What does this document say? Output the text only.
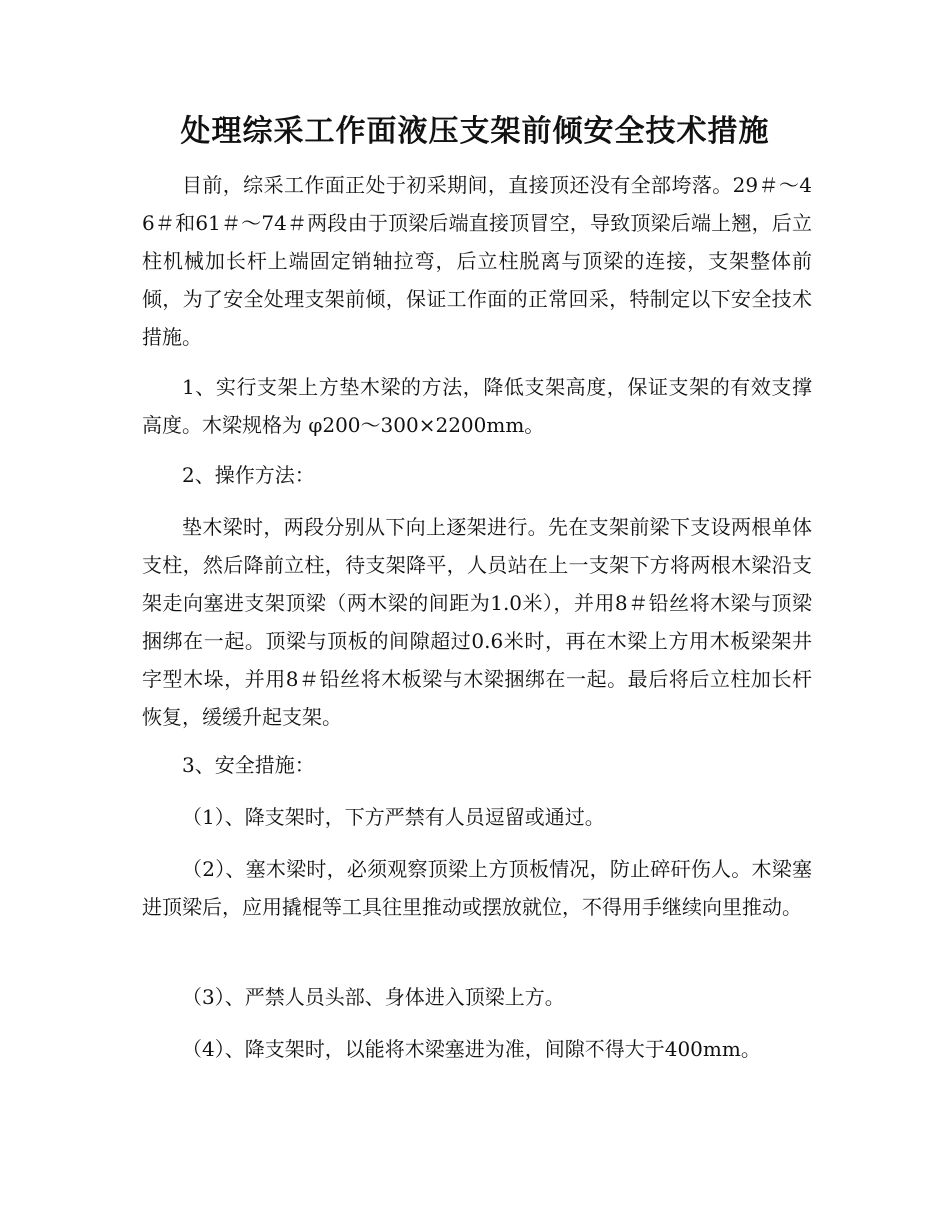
处理综采工作面液压支架前倾安全技术措施

目前，综采工作面正处于初采期间，直接顶还没有全部垮落。29＃～46＃和61＃～74＃两段由于顶梁后端直接顶冒空，导致顶梁后端上翘，后立柱机械加长杆上端固定销轴拉弯，后立柱脱离与顶梁的连接，支架整体前倾，为了安全处理支架前倾，保证工作面的正常回采，特制定以下安全技术措施。

1、实行支架上方垫木梁的方法，降低支架高度，保证支架的有效支撑高度。木梁规格为 φ200～300×2200mm。

2、操作方法：

垫木梁时，两段分别从下向上逐架进行。先在支架前梁下支设两根单体支柱，然后降前立柱，待支架降平，人员站在上一支架下方将两根木梁沿支架走向塞进支架顶梁（两木梁的间距为1.0米），并用8＃铅丝将木梁与顶梁捆绑在一起。顶梁与顶板的间隙超过0.6米时，再在木梁上方用木板梁架井字型木垛，并用8＃铅丝将木板梁与木梁捆绑在一起。最后将后立柱加长杆恢复，缓缓升起支架。

3、安全措施：

（1）、降支架时，下方严禁有人员逗留或通过。

（2）、塞木梁时，必须观察顶梁上方顶板情况，防止碎矸伤人。木梁塞进顶梁后，应用撬棍等工具往里推动或摆放就位，不得用手继续向里推动。

（3）、严禁人员头部、身体进入顶梁上方。

（4）、降支架时，以能将木梁塞进为准，间隙不得大于400mm。
